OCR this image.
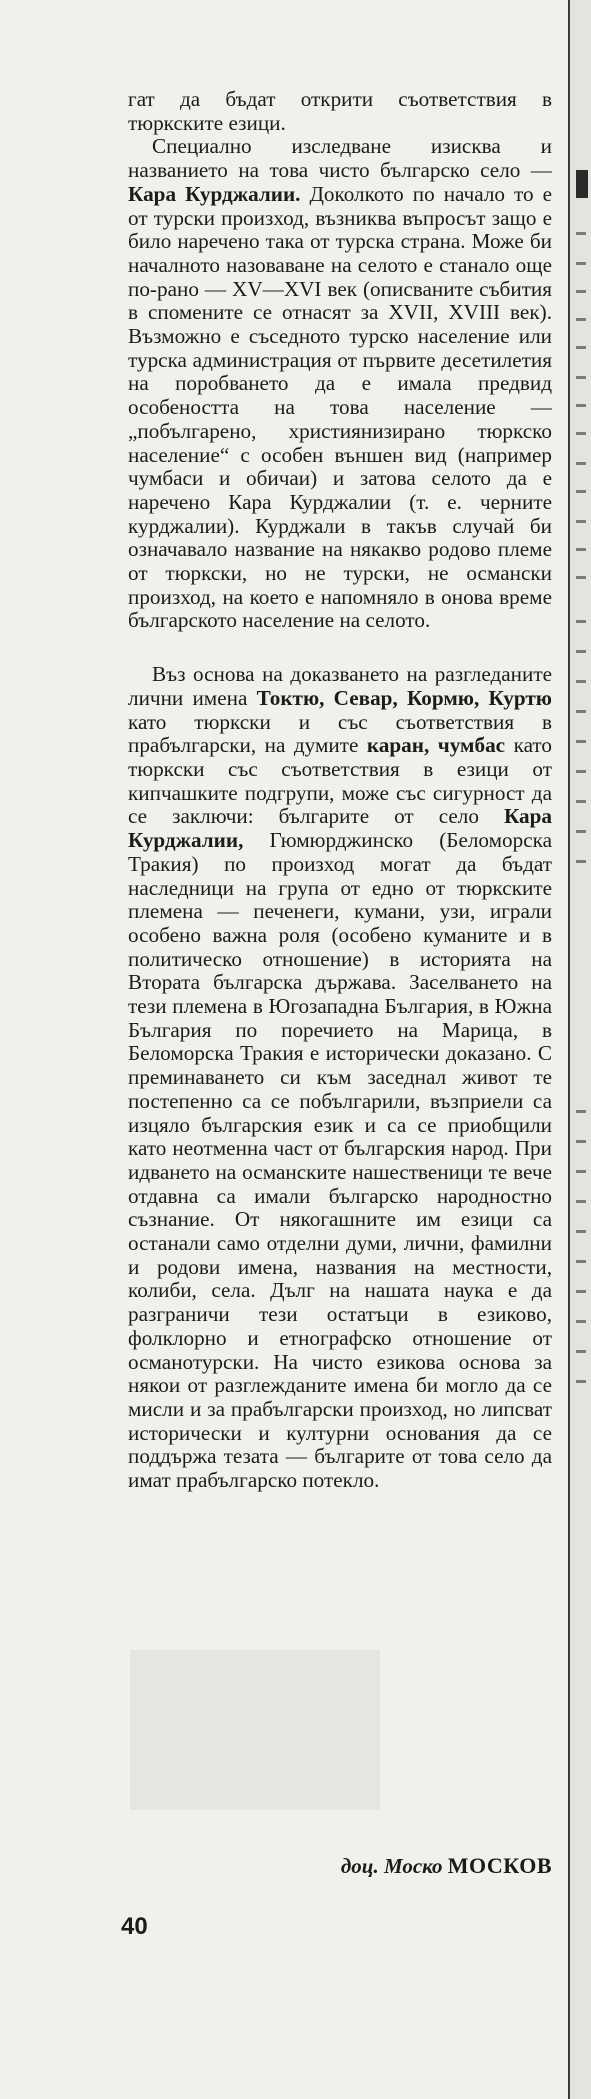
гат да бъдат открити съответствия в тюркските езици.

Специално изследване изисква и названието на това чисто българско село — Кара Курджалии. Доколкото по начало то е от турски произход, възниква въпросът защо е било наречено така от турска страна. Може би началното назоваване на селото е станало още по-рано — XV—XVI век (описваните събития в спомените се отнасят за XVII, XVIII век). Възможно е съседното турско население или турска администрация от първите десетилетия на поробването да е имала предвид особеността на това население — „побългарено, християнизирано тюркско население“ с особен външен вид (например чумбаси и обичаи) и затова селото да е наречено Кара Курджалии (т. е. черните курджалии). Курджали в такъв случай би означавало название на някакво родово племе от тюркски, но не турски, не османски произход, на което е напомняло в онова време българското население на селото.

Въз основа на доказването на разгледаните лични имена Токтю, Севар, Кормю, Куртю като тюркски и със съответствия в прабългарски, на думите каран, чумбас като тюркски със съответствия в езици от кипчашките подгрупи, може със сигурност да се заключи: българите от село Кара Курджалии, Гюмюрджинско (Беломорска Тракия) по произход могат да бъдат наследници на група от едно от тюркските племена — печенеги, кумани, узи, играли особено важна роля (особено куманите и в политическо отношение) в историята на Втората българска държава. Заселването на тези племена в Югозападна България, в Южна България по поречието на Марица, в Беломорска Тракия е исторически доказано. С преминаването си към заседнал живот те постепенно са се побългарили, възприели са изцяло българския език и са се приобщили като неотменна част от българския народ. При идването на османските нашественици те вече отдавна са имали българско народностно съзнание. От някогашните им езици са останали само отделни думи, лични, фамилни и родови имена, названия на местности, колиби, села. Дълг на нашата наука е да разграничи тези остатъци в езиково, фолклорно и етнографско отношение от османотурски. На чисто езикова основа за някои от разглежданите имена би могло да се мисли и за прабългарски произход, но липсват исторически и културни основания да се поддържа тезата — българите от това село да имат прабългарско потекло.

доц. Моско МОСКОВ
40
